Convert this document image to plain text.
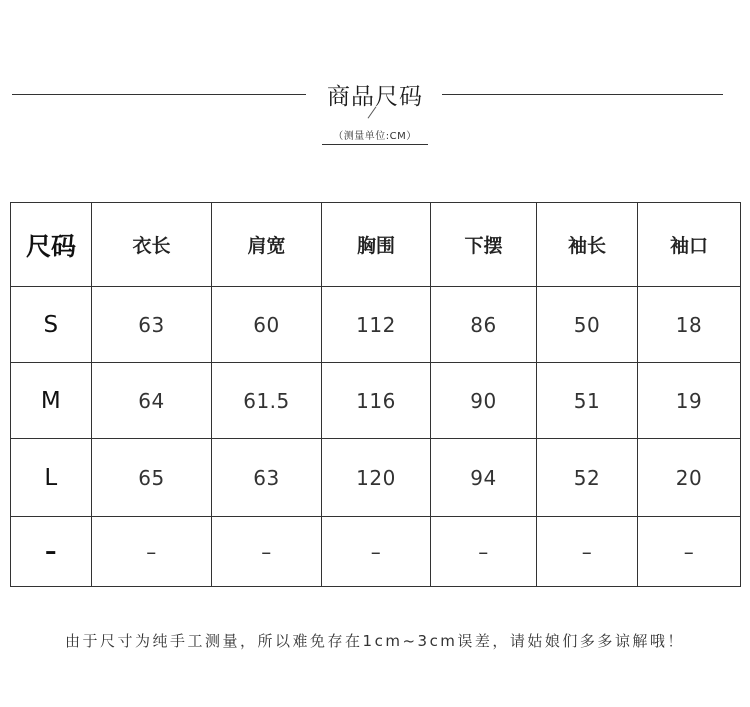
商品尺码
（测量单位:CM）
尺码	衣长	肩宽	胸围	下摆	袖长	袖口
S	63	60	112	86	50	18
M	64	61.5	116	90	51	19
L	65	63	120	94	52	20
–	–	–	–	–	–	–
由于尺寸为纯手工测量，所以难免存在1cm~3cm误差，请姑娘们多多谅解哦！
